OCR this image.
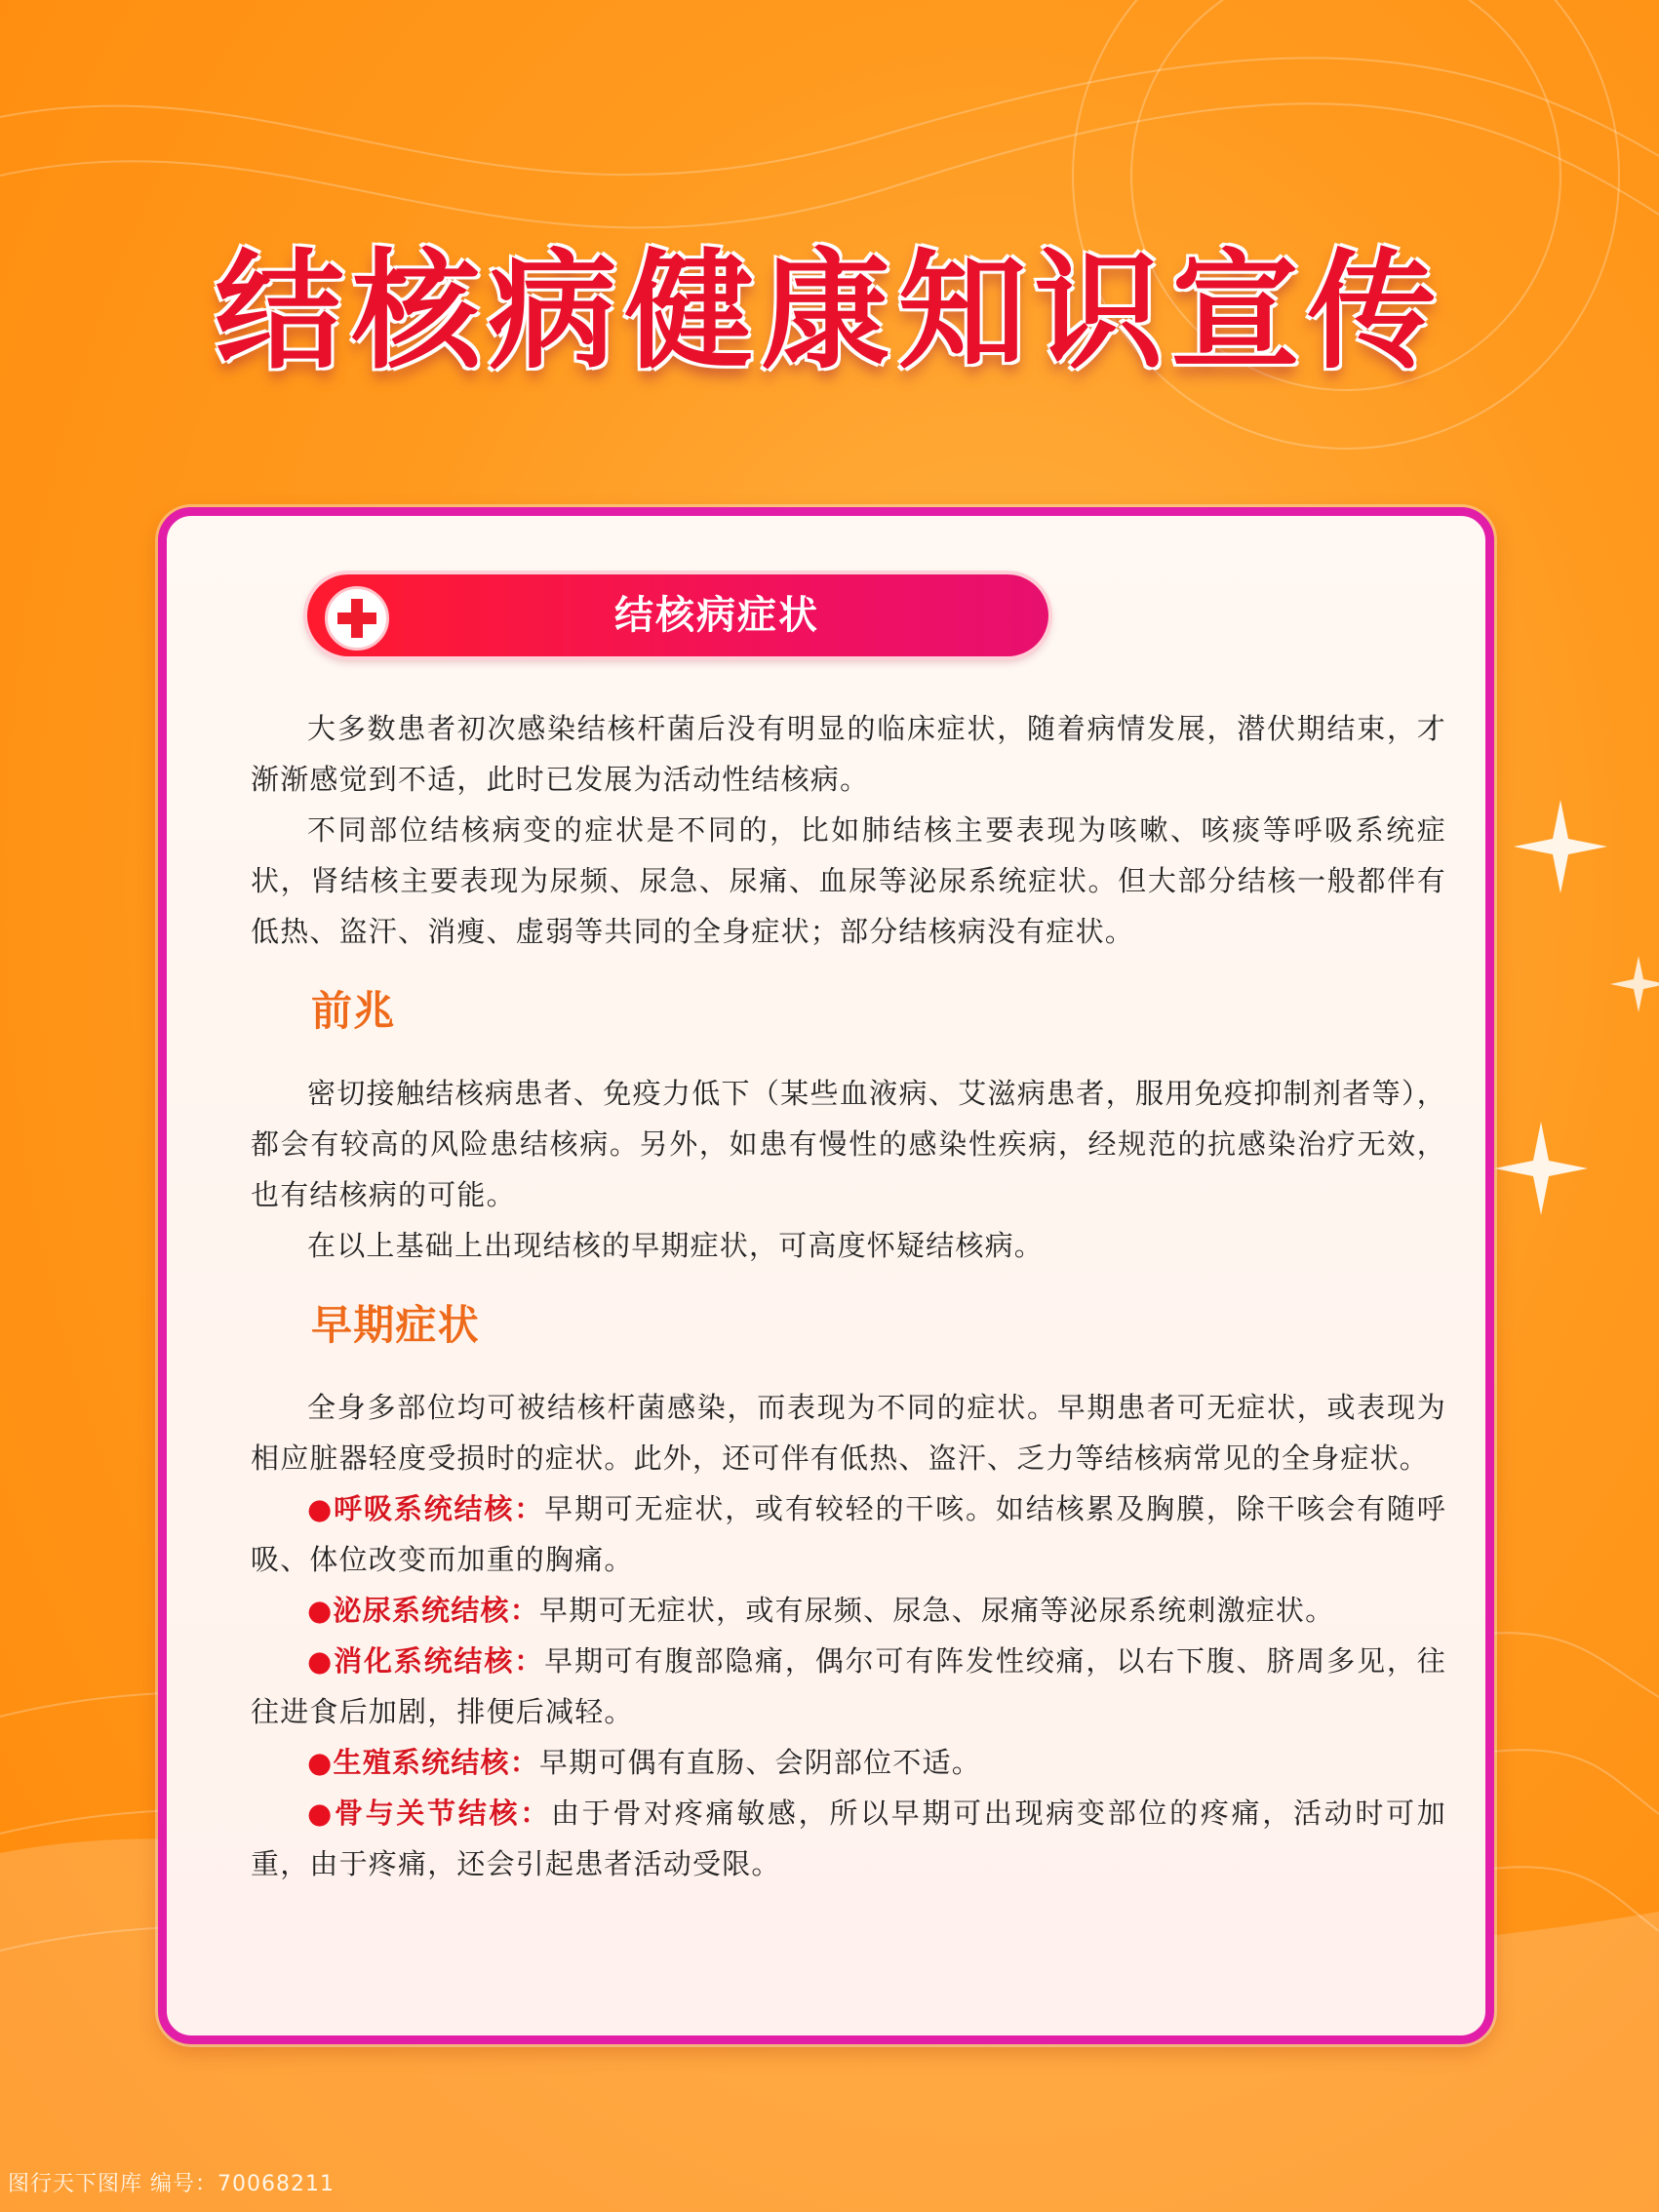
结核病健康知识宣传
结核病症状

大多数患者初次感染结核杆菌后没有明显的临床症状，随着病情发展，潜伏期结束，才渐渐感觉到不适，此时已发展为活动性结核病。

不同部位结核病变的症状是不同的，比如肺结核主要表现为咳嗽、咳痰等呼吸系统症状，肾结核主要表现为尿频、尿急、尿痛、血尿等泌尿系统症状。但大部分结核一般都伴有低热、盗汗、消瘦、虚弱等共同的全身症状；部分结核病没有症状。

前兆

密切接触结核病患者、免疫力低下（某些血液病、艾滋病患者，服用免疫抑制剂者等），都会有较高的风险患结核病。另外，如患有慢性的感染性疾病，经规范的抗感染治疗无效，也有结核病的可能。

在以上基础上出现结核的早期症状，可高度怀疑结核病。

早期症状

全身多部位均可被结核杆菌感染，而表现为不同的症状。早期患者可无症状，或表现为相应脏器轻度受损时的症状。此外，还可伴有低热、盗汗、乏力等结核病常见的全身症状。

●呼吸系统结核：早期可无症状，或有较轻的干咳。如结核累及胸膜，除干咳会有随呼吸、体位改变而加重的胸痛。

●泌尿系统结核：早期可无症状，或有尿频、尿急、尿痛等泌尿系统刺激症状。

●消化系统结核：早期可有腹部隐痛，偶尔可有阵发性绞痛，以右下腹、脐周多见，往往进食后加剧，排便后减轻。

●生殖系统结核：早期可偶有直肠、会阴部位不适。

●骨与关节结核：由于骨对疼痛敏感，所以早期可出现病变部位的疼痛，活动时可加重，由于疼痛，还会引起患者活动受限。

图行天下图库 编号：70068211
